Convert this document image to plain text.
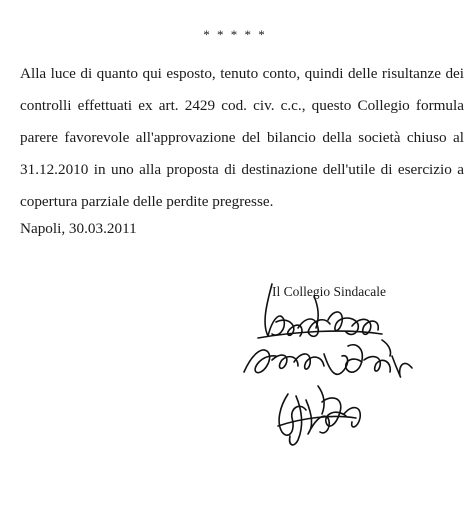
* * * * *
Alla luce di quanto qui esposto, tenuto conto, quindi delle risultanze dei
controlli effettuati ex art. 2429 cod. civ. c.c., questo Collegio formula
parere favorevole all'approvazione del bilancio della società chiuso al
31.12.2010 in uno alla proposta di destinazione dell'utile di esercizio a
copertura parziale delle perdite pregresse.
Napoli, 30.03.2011
Il Collegio Sindacale
